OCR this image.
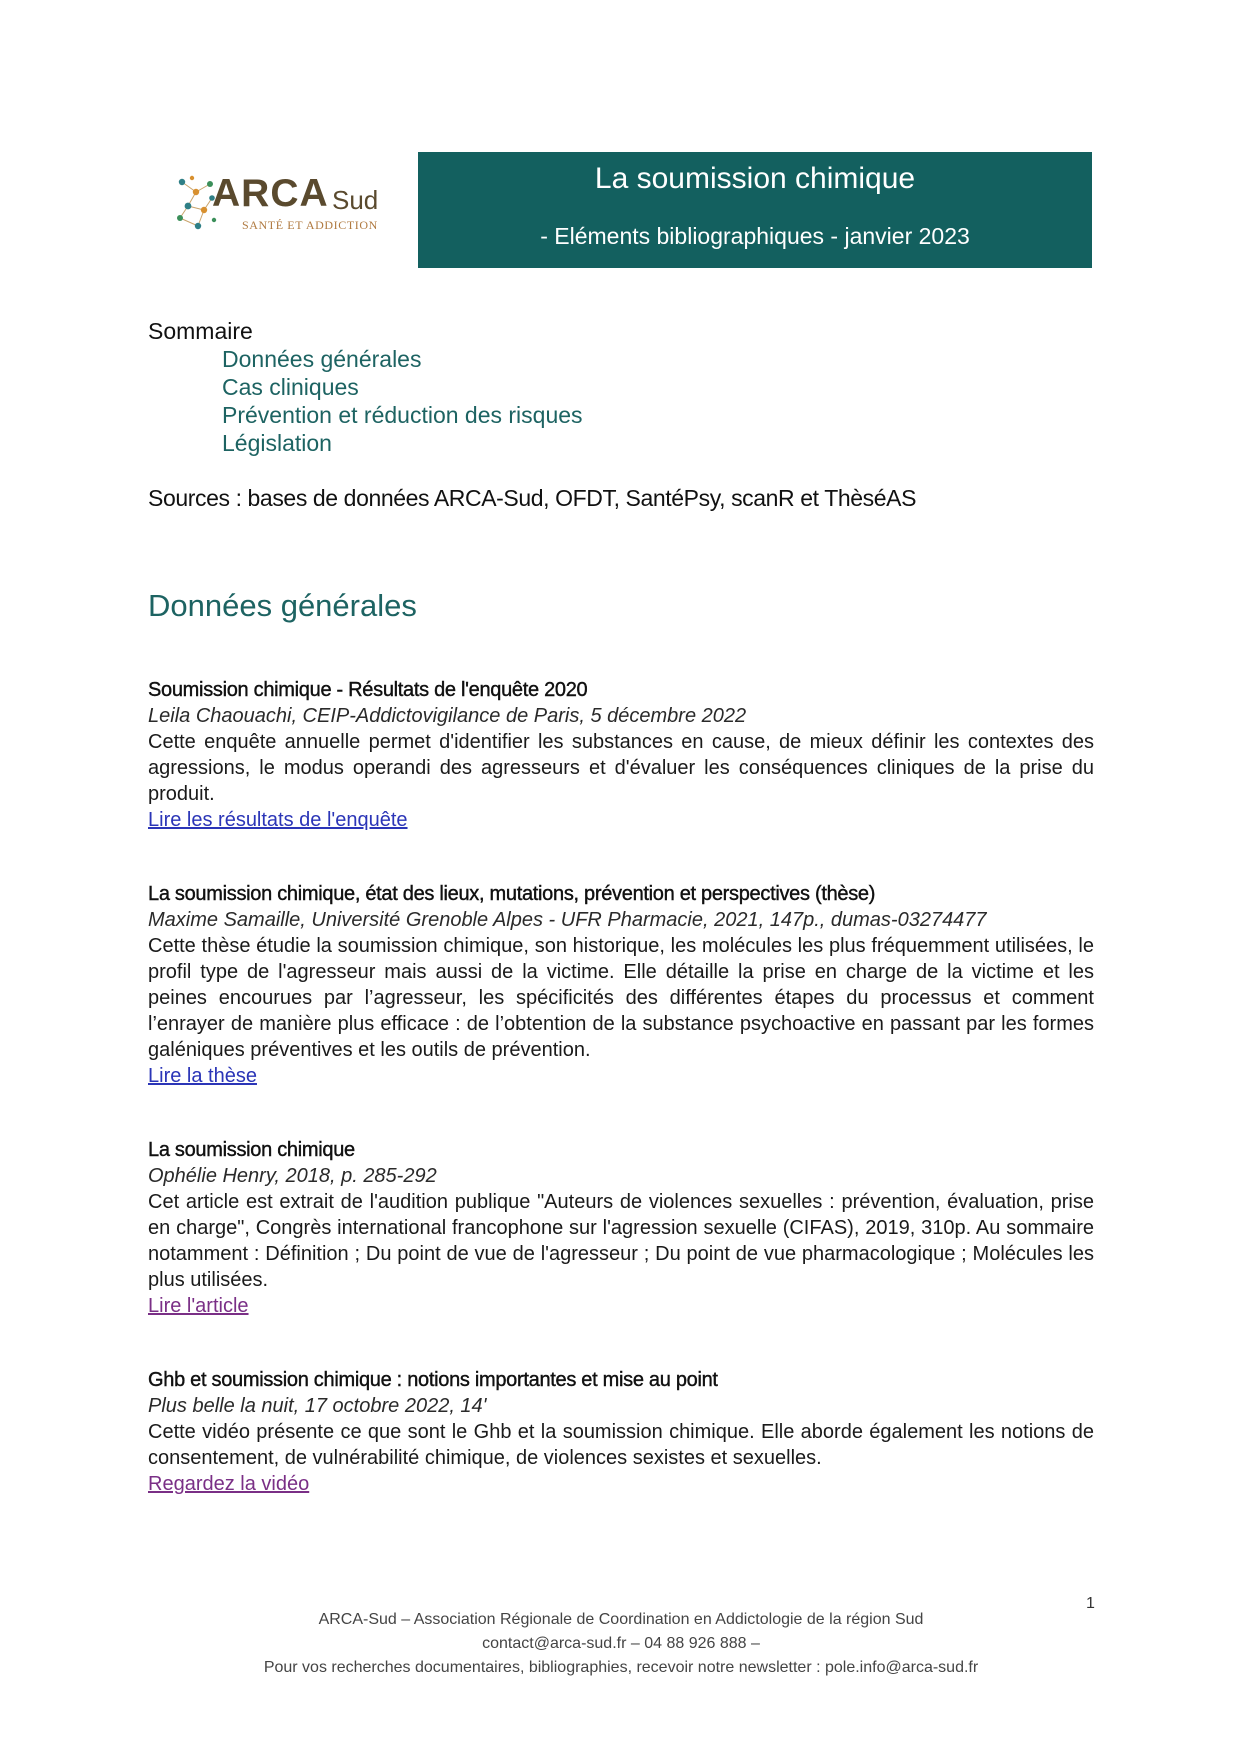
ARCA Sud
SANTÉ ET ADDICTION
La soumission chimique
- Eléments bibliographiques - janvier 2023
Sommaire
Données générales
Cas cliniques
Prévention et réduction des risques
Législation
Sources : bases de données ARCA-Sud, OFDT, SantéPsy, scanR et ThèséAS
Données générales
Soumission chimique - Résultats de l'enquête 2020
Leila Chaouachi, CEIP-Addictovigilance de Paris, 5 décembre 2022
Cette enquête annuelle permet d'identifier les substances en cause, de mieux définir les contextes des agressions, le modus operandi des agresseurs et d'évaluer les conséquences cliniques de la prise du produit.
Lire les résultats de l'enquête
La soumission chimique, état des lieux, mutations, prévention et perspectives (thèse)
Maxime Samaille, Université Grenoble Alpes - UFR Pharmacie, 2021, 147p., dumas-03274477
Cette thèse étudie la soumission chimique, son historique, les molécules les plus fréquemment utilisées, le profil type de l'agresseur mais aussi de la victime. Elle détaille la prise en charge de la victime et les peines encourues par l’agresseur, les spécificités des différentes étapes du processus et comment l’enrayer de manière plus efficace : de l’obtention de la substance psychoactive en passant par les formes galéniques préventives et les outils de prévention.
Lire la thèse
La soumission chimique
Ophélie Henry, 2018, p. 285-292
Cet article est extrait de l'audition publique "Auteurs de violences sexuelles : prévention, évaluation, prise en charge", Congrès international francophone sur l'agression sexuelle (CIFAS), 2019, 310p. Au sommaire notamment : Définition ; Du point de vue de l'agresseur ; Du point de vue pharmacologique ; Molécules les plus utilisées.
Lire l'article
Ghb et soumission chimique : notions importantes et mise au point
Plus belle la nuit, 17 octobre 2022, 14'
Cette vidéo présente ce que sont le Ghb et la soumission chimique. Elle aborde également les notions de consentement, de vulnérabilité chimique, de violences sexistes et sexuelles.
Regardez la vidéo
1
ARCA-Sud – Association Régionale de Coordination en Addictologie de la région Sud
contact@arca-sud.fr – 04 88 926 888 –
Pour vos recherches documentaires, bibliographies, recevoir notre newsletter : pole.info@arca-sud.fr
